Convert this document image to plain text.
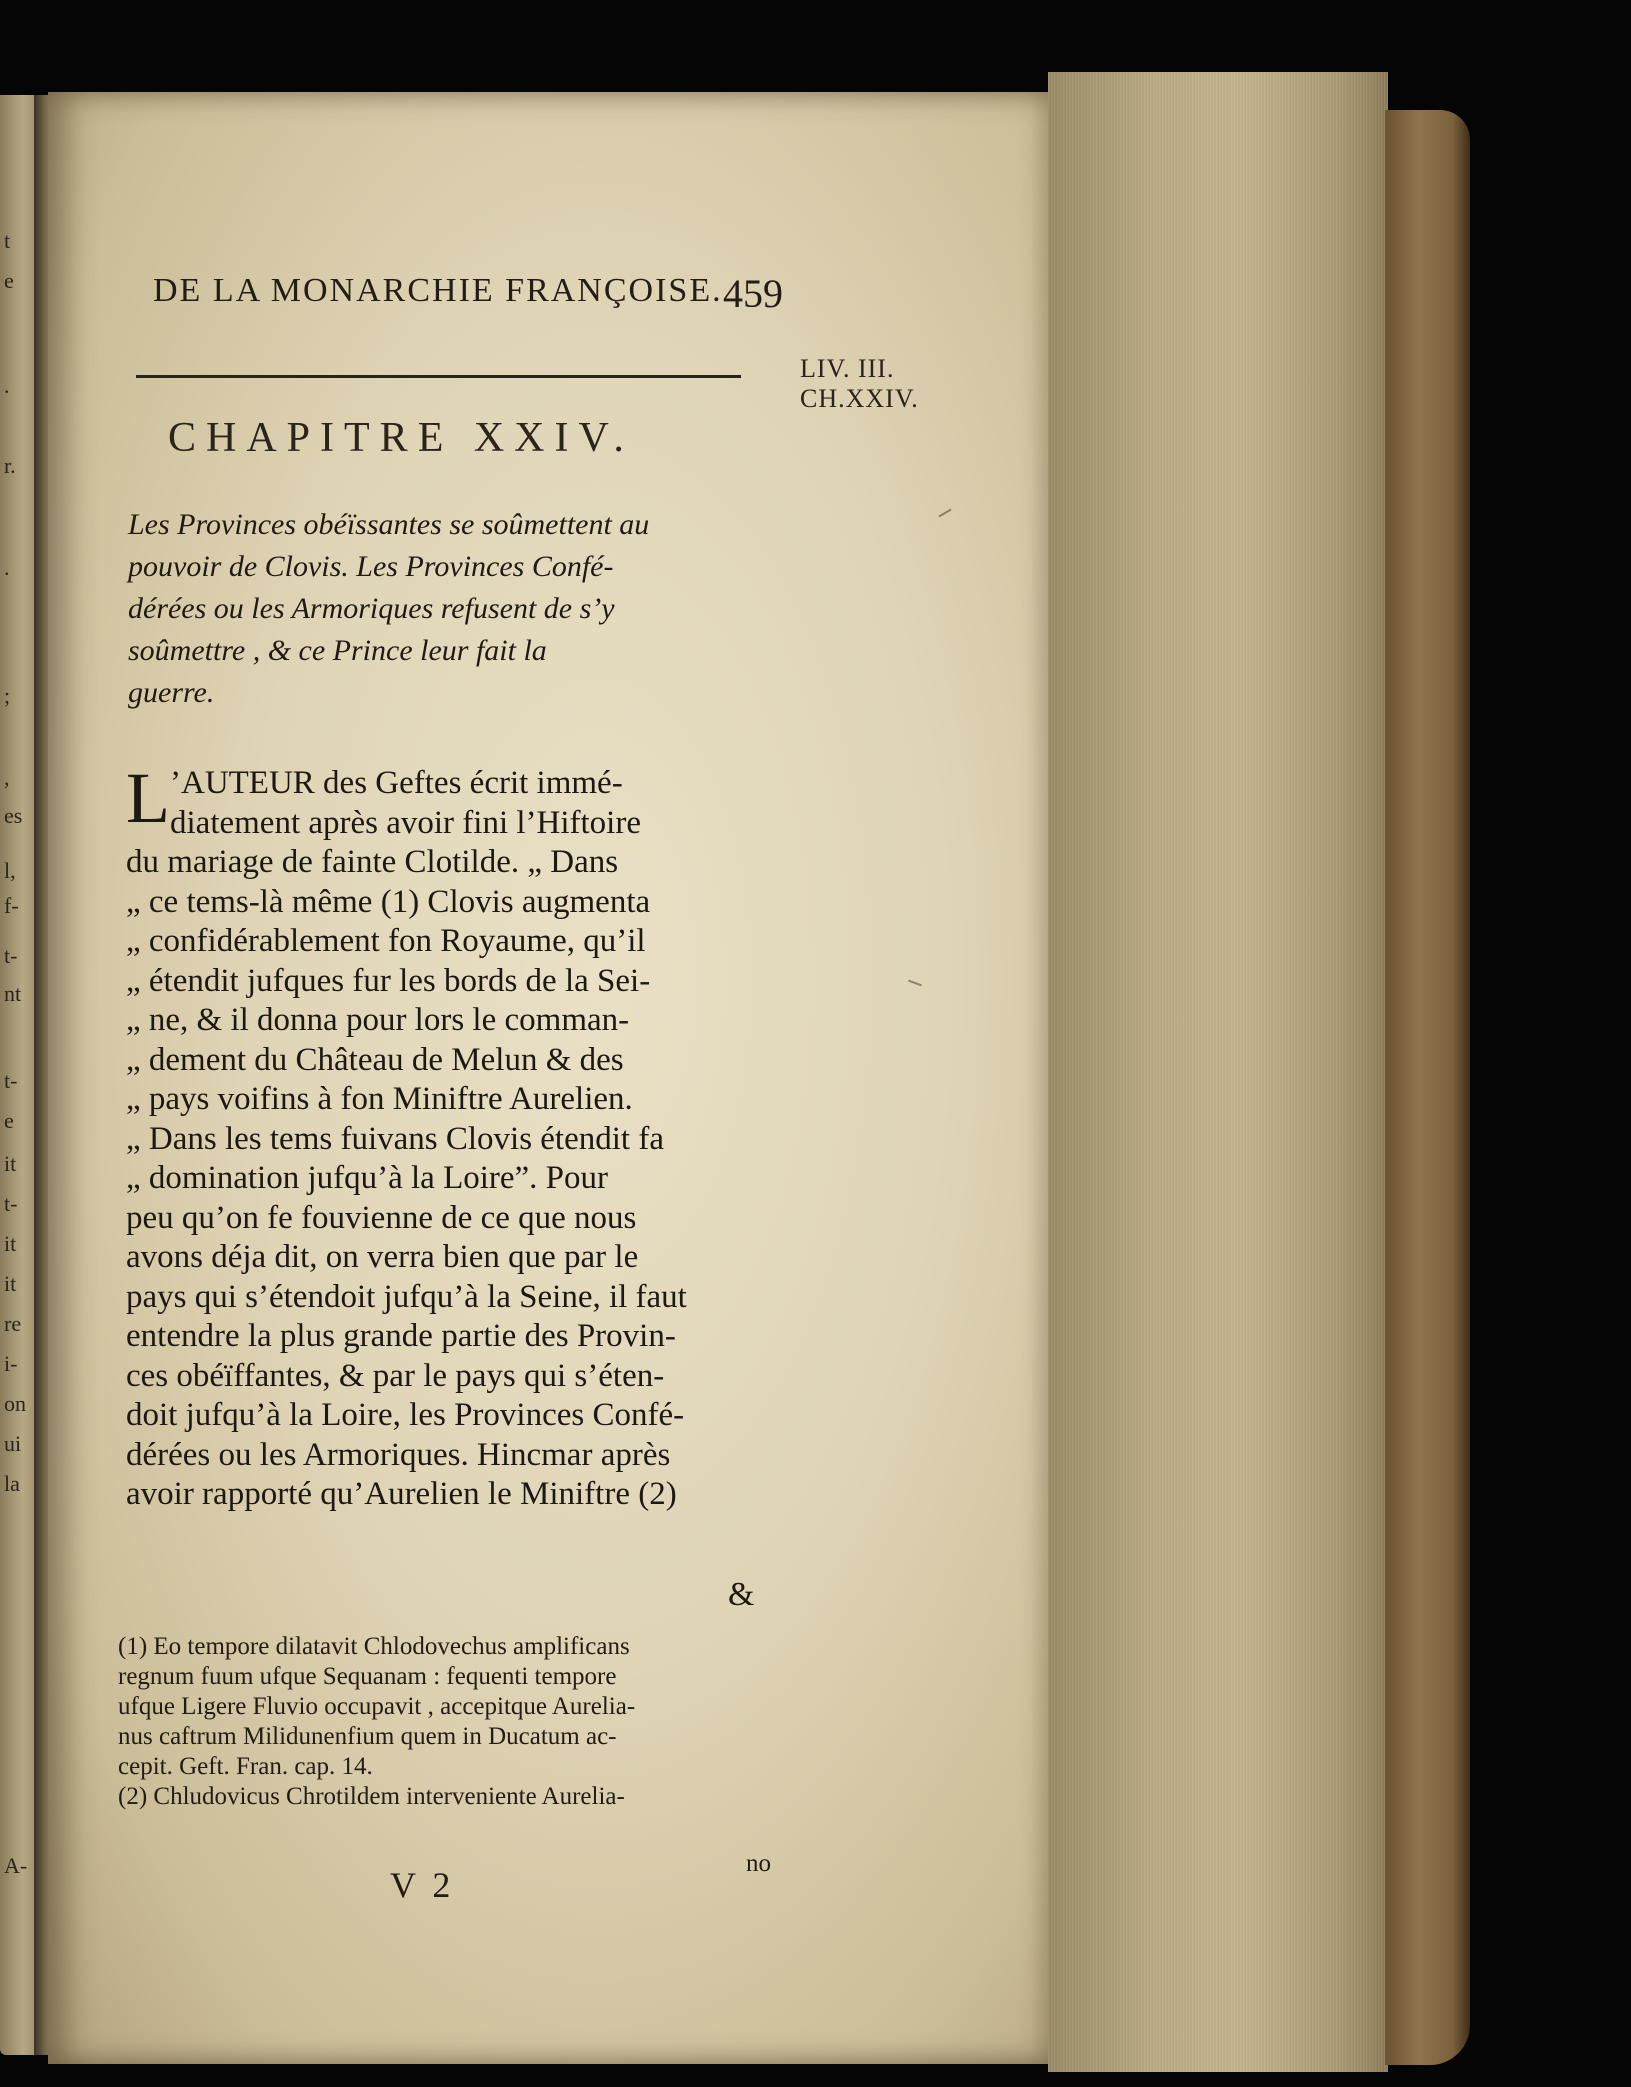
t
e
.
r.
.
;
,
es
l,
f-
t-
nt
t-
e
it
t-
it
it
re
i-
on
ui
la
A-
DE LA MONARCHIE FRANÇOISE. 459
LIV. III.
CH.XXIV.
CHAPITRE XXIV.
Les Provinces obéïssantes se soûmettent au
pouvoir de Clovis. Les Provinces Confé-
dérées ou les Armoriques refusent de s’y
soûmettre , & ce Prince leur fait la
guerre.
L ’AUTEUR des Geftes écrit immé-
diatement après avoir fini l’Hiftoire
du mariage de fainte Clotilde. „ Dans
„ ce tems-là même (1) Clovis augmenta
„ confidérablement fon Royaume, qu’il
„ étendit jufques fur les bords de la Sei-
„ ne, & il donna pour lors le comman-
„ dement du Château de Melun & des
„ pays voifins à fon Miniftre Aurelien.
„ Dans les tems fuivans Clovis étendit fa
„ domination jufqu’à la Loire”. Pour
peu qu’on fe fouvienne de ce que nous
avons déja dit, on verra bien que par le
pays qui s’étendoit jufqu’à la Seine, il faut
entendre la plus grande partie des Provin-
ces obéïffantes, & par le pays qui s’éten-
doit jufqu’à la Loire, les Provinces Confé-
dérées ou les Armoriques. Hincmar après
avoir rapporté qu’Aurelien le Miniftre (2)
&
(1) Eo tempore dilatavit Chlodovechus amplificans
regnum fuum ufque Sequanam : fequenti tempore
ufque Ligere Fluvio occupavit , accepitque Aurelia-
nus caftrum Milidunenfium quem in Ducatum ac-
cepit. Geft. Fran. cap. 14.
(2) Chludovicus Chrotildem interveniente Aurelia-
no
V 2
